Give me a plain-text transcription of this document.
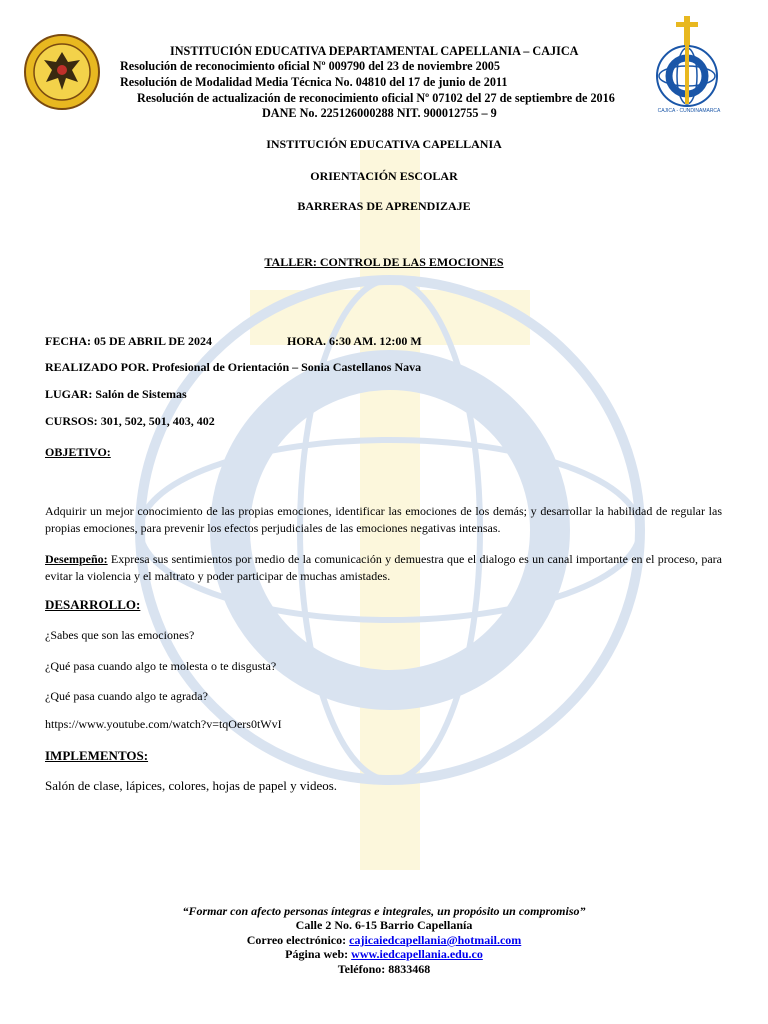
CAJICA - CUNDINAMARCA
INSTITUCIÓN EDUCATIVA DEPARTAMENTAL CAPELLANIA – CAJICA
Resolución de reconocimiento oficial Nº 009790 del 23 de noviembre 2005
Resolución de Modalidad Media Técnica No. 04810 del 17 de junio de 2011
Resolución de actualización de reconocimiento oficial Nº 07102 del 27 de septiembre de 2016
DANE No. 225126000288 NIT. 900012755 – 9
INSTITUCIÓN EDUCATIVA CAPELLANIA
ORIENTACIÓN ESCOLAR
BARRERAS DE APRENDIZAJE
TALLER: CONTROL DE LAS EMOCIONES
FECHA: 05 DE ABRIL DE 2024	HORA. 6:30 AM. 12:00 M
REALIZADO POR. Profesional de Orientación – Sonia Castellanos Nava
LUGAR: Salón de Sistemas
CURSOS: 301, 502, 501, 403, 402
OBJETIVO:
Adquirir un mejor conocimiento de las propias emociones, identificar las emociones de los demás; y desarrollar la habilidad de regular las propias emociones, para prevenir los efectos perjudiciales de las emociones negativas intensas.
Desempeño: Expresa sus sentimientos por medio de la comunicación y demuestra que el dialogo es un canal importante en el proceso, para evitar la violencia y el maltrato y poder participar de muchas amistades.
DESARROLLO:
¿Sabes que son las emociones?
¿Qué pasa cuando algo te molesta o te disgusta?
¿Qué pasa cuando algo te agrada?
https://www.youtube.com/watch?v=tqOers0tWvI
IMPLEMENTOS:
Salón de clase, lápices, colores, hojas de papel y videos.
“Formar con afecto personas íntegras e integrales, un propósito un compromiso”
Calle 2 No. 6-15 Barrio Capellanía
Correo electrónico: cajicaiedcapellania@hotmail.com
Página web: www.iedcapellania.edu.co
Teléfono: 8833468
